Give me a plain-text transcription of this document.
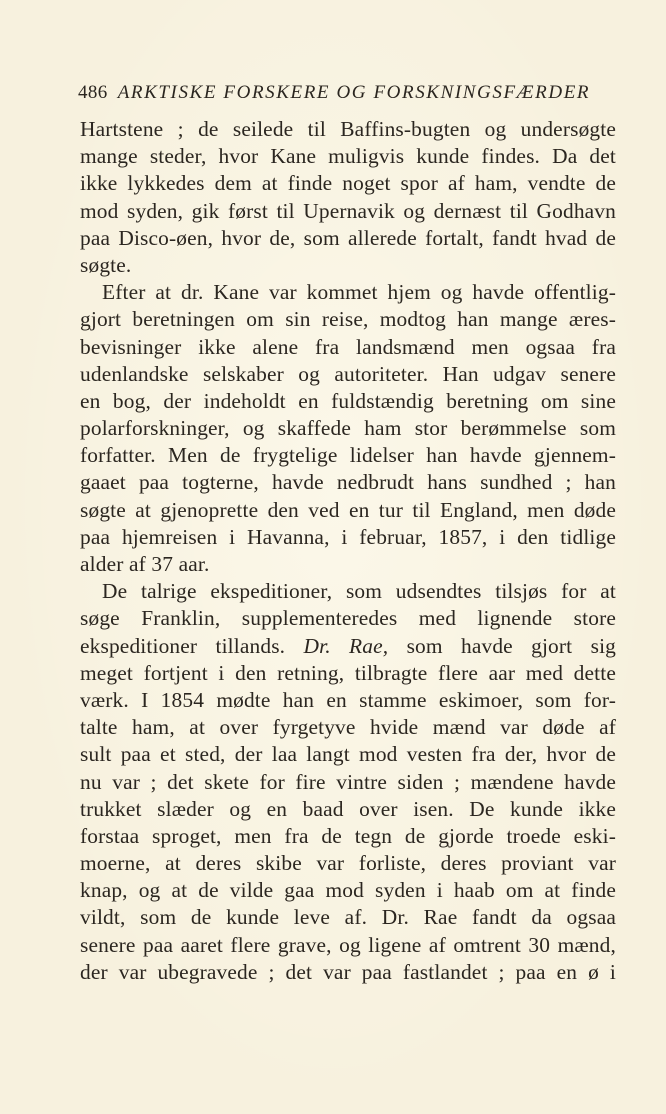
486 ARKTISKE FORSKERE OG FORSKNINGSFÆRDER
Hartstene ; de seilede til Baffins-bugten og undersøgte
mange steder, hvor Kane muligvis kunde findes. Da det
ikke lykkedes dem at finde noget spor af ham, vendte de
mod syden, gik først til Upernavik og dernæst til Godhavn
paa Disco-øen, hvor de, som allerede fortalt, fandt hvad de
søgte.
Efter at dr. Kane var kommet hjem og havde offentlig-
gjort beretningen om sin reise, modtog han mange æres-
bevisninger ikke alene fra landsmænd men ogsaa fra
udenlandske selskaber og autoriteter. Han udgav senere
en bog, der indeholdt en fuldstændig beretning om sine
polarforskninger, og skaffede ham stor berømmelse som
forfatter. Men de frygtelige lidelser han havde gjennem-
gaaet paa togterne, havde nedbrudt hans sundhed ; han
søgte at gjenoprette den ved en tur til England, men døde
paa hjemreisen i Havanna, i februar, 1857, i den tidlige
alder af 37 aar.
De talrige ekspeditioner, som udsendtes tilsjøs for at
søge Franklin, supplementeredes med lignende store
ekspeditioner tillands. Dr. Rae, som havde gjort sig
meget fortjent i den retning, tilbragte flere aar med dette
værk. I 1854 mødte han en stamme eskimoer, som for-
talte ham, at over fyrgetyve hvide mænd var døde af
sult paa et sted, der laa langt mod vesten fra der, hvor de
nu var ; det skete for fire vintre siden ; mændene havde
trukket slæder og en baad over isen. De kunde ikke
forstaa sproget, men fra de tegn de gjorde troede eski-
moerne, at deres skibe var forliste, deres proviant var
knap, og at de vilde gaa mod syden i haab om at finde
vildt, som de kunde leve af. Dr. Rae fandt da ogsaa
senere paa aaret flere grave, og ligene af omtrent 30 mænd,
der var ubegravede ; det var paa fastlandet ; paa en ø i
